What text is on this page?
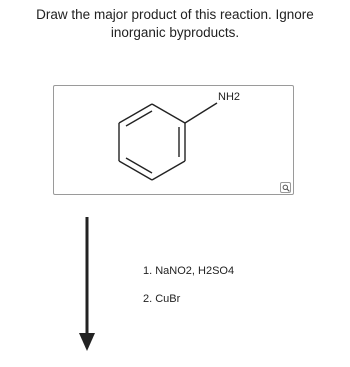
Draw the major product of this reaction. Ignore inorganic byproducts.
NH2
1. NaNO2, H2SO4
2. CuBr
